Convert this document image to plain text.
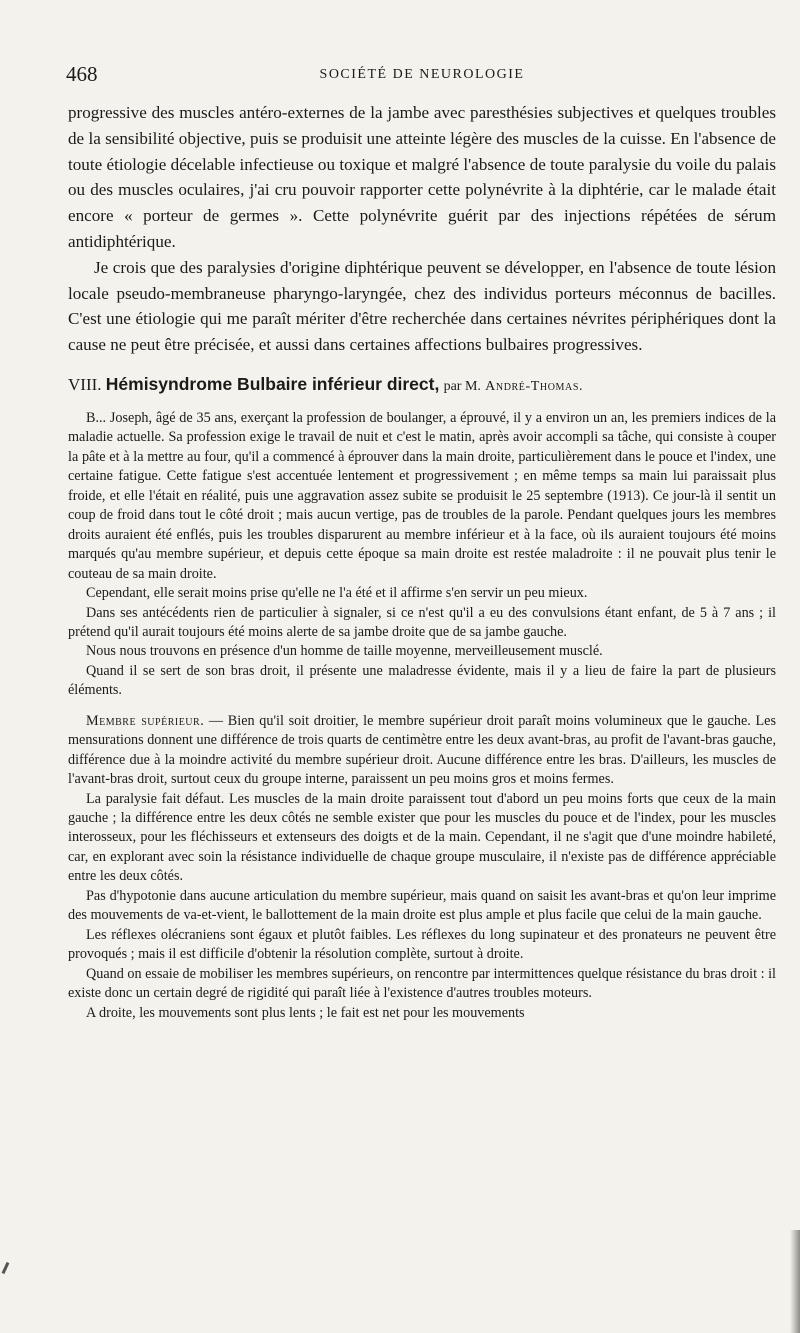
468	SOCIÉTÉ DE NEUROLOGIE

progressive des muscles antéro-externes de la jambe avec paresthésies subjectives et quelques troubles de la sensibilité objective, puis se produisit une atteinte légère des muscles de la cuisse. En l'absence de toute étiologie décelable infectieuse ou toxique et malgré l'absence de toute paralysie du voile du palais ou des muscles oculaires, j'ai cru pouvoir rapporter cette polynévrite à la diphtérie, car le malade était encore « porteur de germes ». Cette polynévrite guérit par des injections répétées de sérum antidiphtérique.

Je crois que des paralysies d'origine diphtérique peuvent se développer, en l'absence de toute lésion locale pseudo-membraneuse pharyngo-laryngée, chez des individus porteurs méconnus de bacilles. C'est une étiologie qui me paraît mériter d'être recherchée dans certaines névrites périphériques dont la cause ne peut être précisée, et aussi dans certaines affections bulbaires progressives.

VIII. Hémisyndrome Bulbaire inférieur direct, par M. André-Thomas.

B... Joseph, âgé de 35 ans, exerçant la profession de boulanger, a éprouvé, il y a environ un an, les premiers indices de la maladie actuelle. Sa profession exige le travail de nuit et c'est le matin, après avoir accompli sa tâche, qui consiste à couper la pâte et à la mettre au four, qu'il a commencé à éprouver dans la main droite, particulièrement dans le pouce et l'index, une certaine fatigue. Cette fatigue s'est accentuée lentement et progressivement ; en même temps sa main lui paraissait plus froide, et elle l'était en réalité, puis une aggravation assez subite se produisit le 25 septembre (1913). Ce jour-là il sentit un coup de froid dans tout le côté droit ; mais aucun vertige, pas de troubles de la parole. Pendant quelques jours les membres droits auraient été enflés, puis les troubles disparurent au membre inférieur et à la face, où ils auraient toujours été moins marqués qu'au membre supérieur, et depuis cette époque sa main droite est restée maladroite : il ne pouvait plus tenir le couteau de sa main droite.

Cependant, elle serait moins prise qu'elle ne l'a été et il affirme s'en servir un peu mieux.

Dans ses antécédents rien de particulier à signaler, si ce n'est qu'il a eu des convulsions étant enfant, de 5 à 7 ans ; il prétend qu'il aurait toujours été moins alerte de sa jambe droite que de sa jambe gauche.

Nous nous trouvons en présence d'un homme de taille moyenne, merveilleusement musclé.

Quand il se sert de son bras droit, il présente une maladresse évidente, mais il y a lieu de faire la part de plusieurs éléments.

Membre supérieur. — Bien qu'il soit droitier, le membre supérieur droit paraît moins volumineux que le gauche. Les mensurations donnent une différence de trois quarts de centimètre entre les deux avant-bras, au profit de l'avant-bras gauche, différence due à la moindre activité du membre supérieur droit. Aucune différence entre les bras. D'ailleurs, les muscles de l'avant-bras droit, surtout ceux du groupe interne, paraissent un peu moins gros et moins fermes.

La paralysie fait défaut. Les muscles de la main droite paraissent tout d'abord un peu moins forts que ceux de la main gauche ; la différence entre les deux côtés ne semble exister que pour les muscles du pouce et de l'index, pour les muscles interosseux, pour les fléchisseurs et extenseurs des doigts et de la main. Cependant, il ne s'agit que d'une moindre habileté, car, en explorant avec soin la résistance individuelle de chaque groupe musculaire, il n'existe pas de différence appréciable entre les deux côtés.

Pas d'hypotonie dans aucune articulation du membre supérieur, mais quand on saisit les avant-bras et qu'on leur imprime des mouvements de va-et-vient, le ballottement de la main droite est plus ample et plus facile que celui de la main gauche.

Les réflexes olécraniens sont égaux et plutôt faibles. Les réflexes du long supinateur et des pronateurs ne peuvent être provoqués ; mais il est difficile d'obtenir la résolution complète, surtout à droite.

Quand on essaie de mobiliser les membres supérieurs, on rencontre par intermittences quelque résistance du bras droit : il existe donc un certain degré de rigidité qui paraît liée à l'existence d'autres troubles moteurs.

A droite, les mouvements sont plus lents ; le fait est net pour les mouvements
